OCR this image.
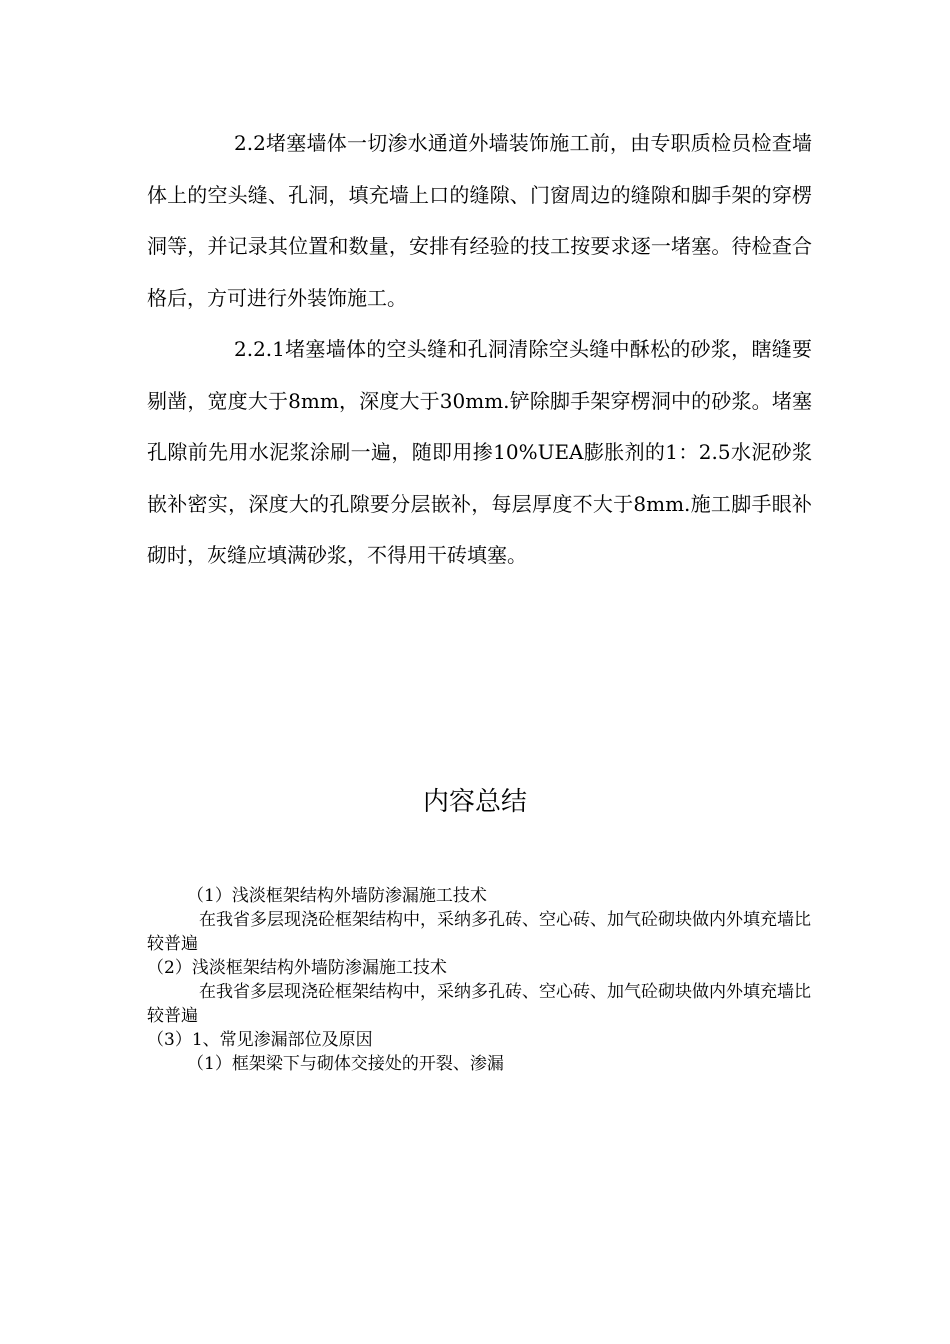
2.2堵塞墙体一切渗水通道外墙装饰施工前，由专职质检员检查墙体上的空头缝、孔洞，填充墙上口的缝隙、门窗周边的缝隙和脚手架的穿楞洞等，并记录其位置和数量，安排有经验的技工按要求逐一堵塞。待检查合格后，方可进行外装饰施工。

2.2.1堵塞墙体的空头缝和孔洞清除空头缝中酥松的砂浆，瞎缝要剔凿，宽度大于8mm，深度大于30mm.铲除脚手架穿楞洞中的砂浆。堵塞孔隙前先用水泥浆涂刷一遍，随即用掺10%UEA膨胀剂的1：2.5水泥砂浆嵌补密实，深度大的孔隙要分层嵌补，每层厚度不大于8mm.施工脚手眼补砌时，灰缝应填满砂浆，不得用干砖填塞。

内容总结

（1）浅淡框架结构外墙防渗漏施工技术

在我省多层现浇砼框架结构中，采纳多孔砖、空心砖、加气砼砌块做内外填充墙比较普遍

（2）浅淡框架结构外墙防渗漏施工技术

在我省多层现浇砼框架结构中，采纳多孔砖、空心砖、加气砼砌块做内外填充墙比较普遍

（3）1、常见渗漏部位及原因

（1）框架梁下与砌体交接处的开裂、渗漏
